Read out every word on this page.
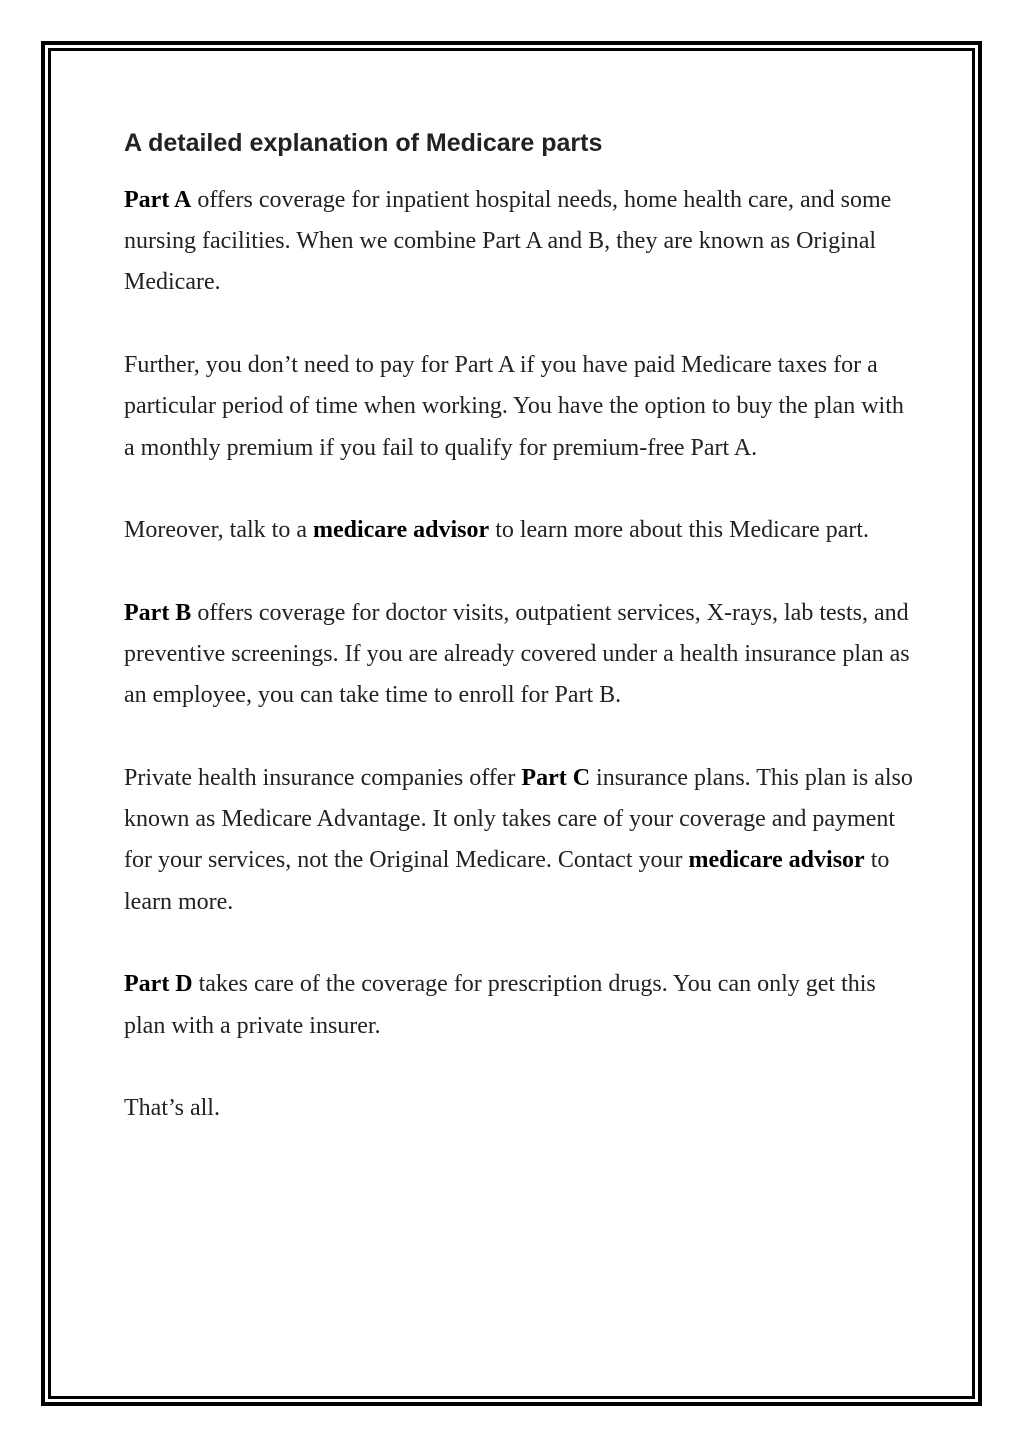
A detailed explanation of Medicare parts

Part A offers coverage for inpatient hospital needs, home health care, and some nursing facilities. When we combine Part A and B, they are known as Original Medicare.

Further, you don’t need to pay for Part A if you have paid Medicare taxes for a particular period of time when working. You have the option to buy the plan with a monthly premium if you fail to qualify for premium-free Part A.

Moreover, talk to a medicare advisor to learn more about this Medicare part.

Part B offers coverage for doctor visits, outpatient services, X-rays, lab tests, and preventive screenings. If you are already covered under a health insurance plan as an employee, you can take time to enroll for Part B.

Private health insurance companies offer Part C insurance plans. This plan is also known as Medicare Advantage. It only takes care of your coverage and payment for your services, not the Original Medicare. Contact your medicare advisor to learn more.

Part D takes care of the coverage for prescription drugs. You can only get this plan with a private insurer.

That’s all.
